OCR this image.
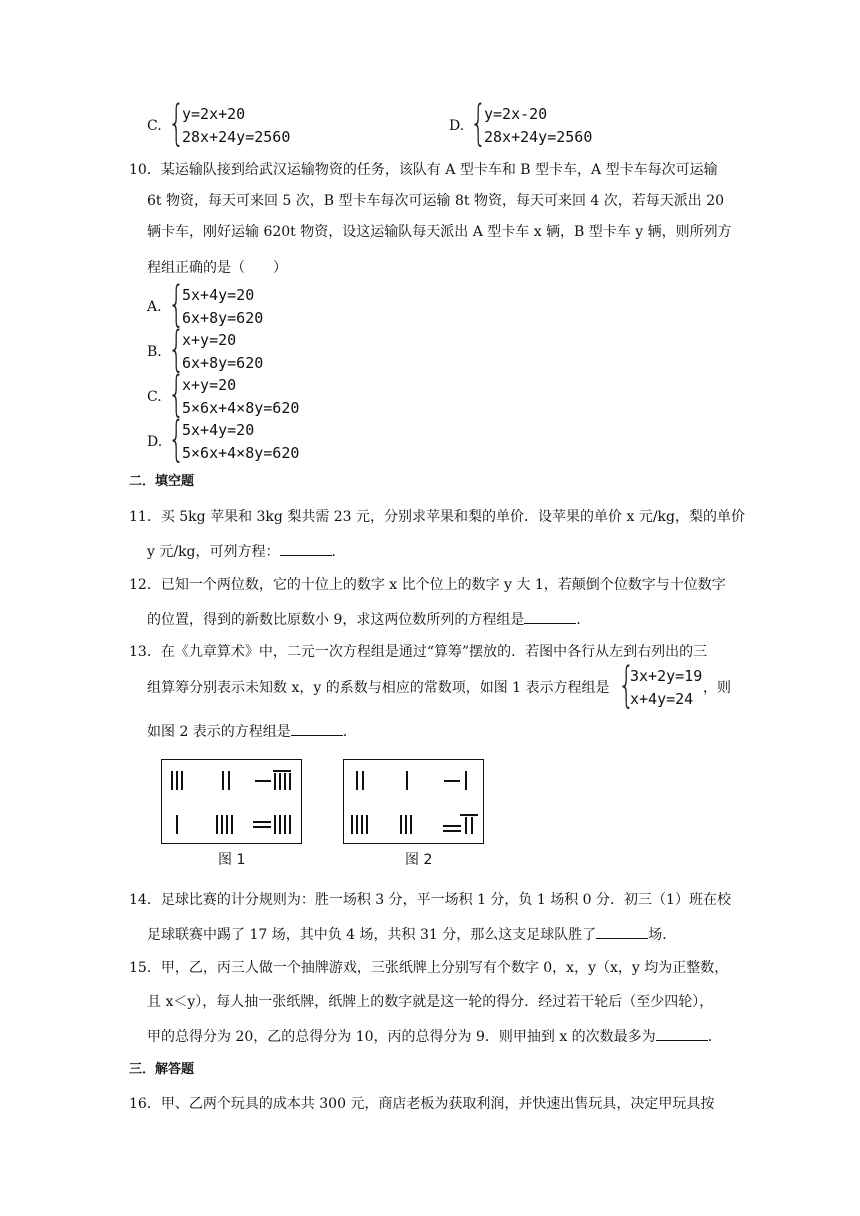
C. {
y=2x+20
28x+24y=2560
D. {
y=2x-20
28x+24y=2560
10．某运输队接到给武汉运输物资的任务，该队有 A 型卡车和 B 型卡车，A 型卡车每次可运输
6t 物资，每天可来回 5 次，B 型卡车每次可运输 8t 物资，每天可来回 4 次，若每天派出 20
辆卡车，刚好运输 620t 物资，设这运输队每天派出 A 型卡车 x 辆，B 型卡车 y 辆，则所列方
程组正确的是（　　）
A. {
5x+4y=20
6x+8y=620
B. {
x+y=20
6x+8y=620
C. {
x+y=20
5×6x+4×8y=620
D. {
5x+4y=20
5×6x+4×8y=620
二．填空题
11．买 5kg 苹果和 3kg 梨共需 23 元，分别求苹果和梨的单价．设苹果的单价 x 元/kg，梨的单价
y 元/kg，可列方程：	．
12．已知一个两位数，它的十位上的数字 x 比个位上的数字 y 大 1，若颠倒个位数字与十位数字
的位置，得到的新数比原数小 9，求这两位数所列的方程组是	．
13．在《九章算术》中，二元一次方程组是通过“算筹”摆放的．若图中各行从左到右列出的三
组算筹分别表示未知数 x，y 的系数与相应的常数项，如图 1 表示方程组是 {
3x+2y=19
x+4y=24
，则
如图 2 表示的方程组是	．
图 1	图 2
14．足球比赛的计分规则为：胜一场积 3 分，平一场积 1 分，负 1 场积 0 分．初三（1）班在校
足球联赛中踢了 17 场，其中负 4 场，共积 31 分，那么这支足球队胜了	场．
15．甲，乙，丙三人做一个抽牌游戏，三张纸牌上分别写有个数字 0，x，y（x，y 均为正整数，
且 x＜y），每人抽一张纸牌，纸牌上的数字就是这一轮的得分．经过若干轮后（至少四轮），
甲的总得分为 20，乙的总得分为 10，丙的总得分为 9．则甲抽到 x 的次数最多为	．
三．解答题
16．甲、乙两个玩具的成本共 300 元，商店老板为获取利润，并快速出售玩具，决定甲玩具按
